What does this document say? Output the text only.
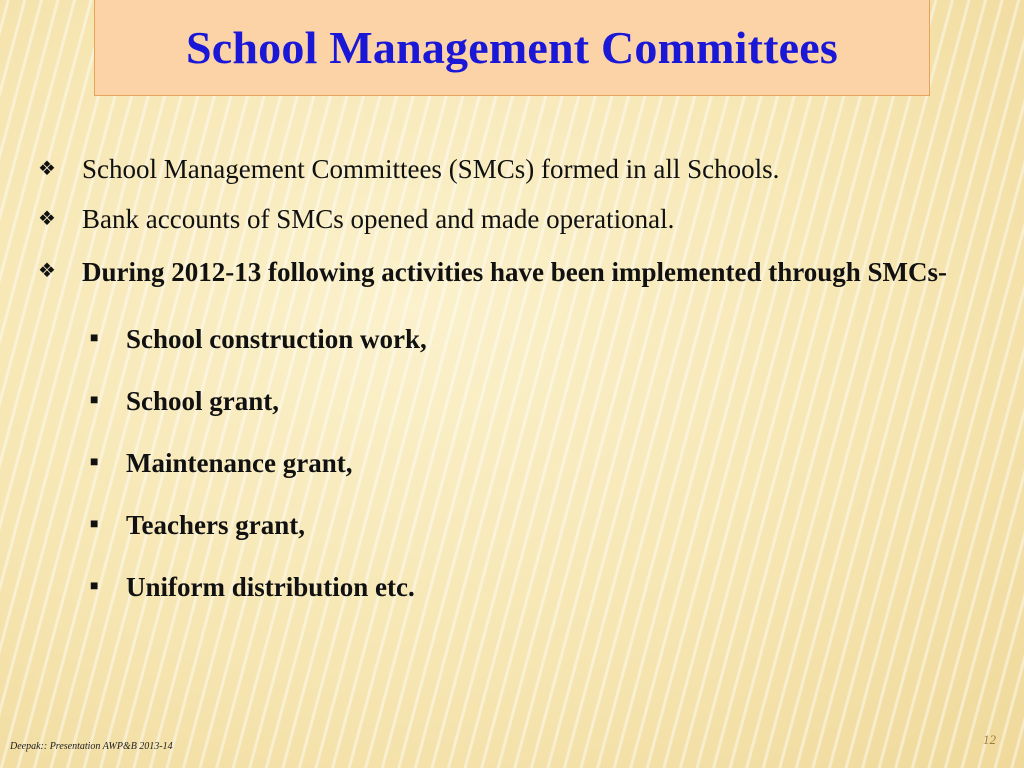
School Management Committees
❖ School Management Committees (SMCs) formed in all Schools.
❖ Bank accounts of SMCs opened and made operational.
❖ During 2012-13 following activities have been implemented through SMCs-
■	School construction work,
■	School grant,
■	Maintenance grant,
■	Teachers grant,
■	Uniform distribution etc.
Deepak:: Presentation AWP&B 2013-14	12
